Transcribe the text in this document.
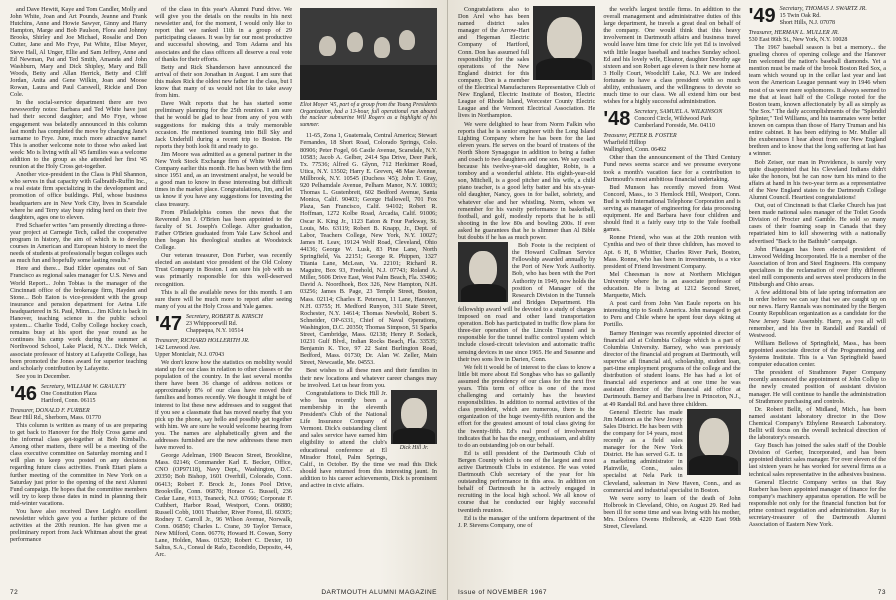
and Dave Hewitt, Kaye and Tom Candler, Molly and John White, Joan and Art Pounds, Jeanne and Frank Hutchins, Anne and Howie Sawyer, Ginny and Harry Hampton, Marge and Bob Paulson, Flora and Johnny Brooks, Shirley and Joe Michael, Rosalie and Don Cutter, Jane and Mo Frye, Pat White, Elise Meyer, Steve Hall, Al Unger, Ellie and Sam Jeffrey, Anne and Ed Newman, Pat and Ted Smith, Amanda and John Washburn, Mary and Dick Shipley, Mary and Bill Woods, Betty and Allan Herrick, Betty and Cliff Jordan, Anita and Gene Wilkin, Joan and Moose Rowan, Laura and Paul Carswell, Rickie and Don Cole.

In the social-service department there are two newsworthy notes: Barbara and Ted White have just had their second daughter; and Mo Frye, whose engagement was belatedly announced in this column last month has completed the move by changing Jane's surname to Frye. June, much more attractive name! This is another welcome note to those who asked last week: Mo is living with all '45 families was a welcome addition to the group as she attended her first '45 reunion at the Holy Cross get-together.

Another vice-president in the Class is Phil Shannon, who serves in that capacity with Galbraith-Ruffin Inc., a real estate firm specializing in the development and promotion of office buildings. Phil, whose business headquarters are in New York City, lives in Scarsdale where he and Terry stay busy riding herd on their five daughters, ages one to eleven.

Fred Schaefer writes "am presently directing a three-year project at Carnegie Tech, called the cooperative program in history, the aim of which is to develop courses in American and European history to meet the needs of students at professionally begun colleges such as much fun and hopefully some lasting results."

Here and there... Bud Elder operates out of San Francisco as regional sales manager for U.S. News and World Report... John Tobias is the manager of the Cincinnati office of the brokerage firm, Hayden and Stone... Bob Eaton is vice-president with the group insurance and pension department for Aetna Life headquartered in St. Paul, Minn.... Jim Klotz is back in Hanover, teaching science in the public school system... Charlie Todd, Colby College hockey coach, remains busy at his sport the year round as he continues his camp work during the summer at Northwood School, Lake Placid, N.Y... Dick Welch, associate professor of history at Lafayette College, has been promoted the Jones award for superior teaching and scholarly contribution by Lafayette.

See you in December.

'46 Secretary, WILLIAM W. GRAULTY
One Constitution Plaza
Hartford, Conn. 06115
Treasurer, DONALD F. FURBER
Bear Hill Rd., Sherborn, Mass. 01770

This column is written as many of us are preparing to get back to Hanover for the Holy Cross game and the informal class get-together at Bob Kimball's. Among other matters, there will be a meeting of the class executive committee on Saturday morning and I will plan to keep you posted on any decisions regarding future class activities. Frank Ettari plans a further meeting of the committee in New York on a Saturday just prior to the opening of the next Alumni Fund campaign. He hopes that the committee members will try to keep those dates in mind in planning their mid-winter vacations.

You have also received Dave Leigh's excellent newsletter which gave you a further picture of the activities at the 20th reunion. He has given me a preliminary report from Jack Whitman about the great performance

of the class in this year's Alumni Fund drive. We will give you the details on the results in his next newsletter and, for the moment, I would only like to report that we ranked 11th in a group of 29 participating classes. It was by far our most productive and successful showing, and Tom Adams and his associates and the class officers all deserve a real vote of thanks for their efforts.

Betty and Rick Shanderson have announced the arrival of their son Jonathan in August. I am sure that this makes Rick the oldest new father in the class, but I know that many of us would not like to take away from him.

Dave Walt reports that he has started some preliminary planning for the 25th reunion. I am sure that he would be glad to hear from any of you with suggestions for making this a truly memorable occasion. He mentioned teaming into Bill Sky and Jack Underhill during a recent trip to Boston. He reports they both look fit and ready to go.

Jim Moore was admitted as a general partner in the New York Stock Exchange firm of White Weld and Company earlier this month. He has been with the firm since 1951 and, as an investment analyst, he would be a good man to know in these interesting but difficult times in the market place. Congratulations, Jim, and let us know if you have any suggestions for investing the class treasury.

From Philadelphia comes the news that the Reverend Jon J. O'Brien has been appointed to the faculty of St. Joseph's College. After graduation, Father O'Brien graduated from Yale Law School and then began his theological studies at Woodstock College.

Our veteran treasurer, Don Furber, was recently elected an assistant vice president of the Old Colony Trust Company in Boston. I am sure his job with us was primarily responsible for this well-deserved recognition.

This is all the available news for this month. I am sure there will be much more to report after seeing many of you at the Holy Cross and Yale games.

'47 Secretary, ROBERT B. KIRSCH
23 Whippoorwill Rd.
Chappaqua, N.Y. 10514
Treasurer, RICHARD HOLLERITH JR.
142 Lenwood Ave.
Upper Montclair, N.J. 07043

We don't know how the statistics on mobility would stand up for our class in relation to other classes or the population of the country. In the last several months there have been 36 change of address notices or approximately 8% of our class have moved their families and homes recently. We thought it might be of interest to list these new addresses and to suggest that if you see a classmate that has moved nearby that you pick up the phone, say hello and possibly get together with him. We are sure he would welcome hearing from you. The names are alphabetically given and the addresses furnished are the new addresses these men have moved to.

George Adelman, 1900 Beacon Street, Brookline, Mass. 02146; Commander Karl E. Becker, Office, CNO (OP97118), Navy Dept., Washington, D.C. 20350; Bob Bishop, 1601 Overhill, Colorado, Conn. 06413; Robert F. Brock Jr., Jones Pool Drive, Brookville, Conn. 06870; Horace G. Bussell, 236 Cedar Lane, #113, Teaneck, N.J. 07666; Corporate F. Cuthbert, Harbor Road, Westport, Conn. 06880; Russell Cobb, 1001 Thatcher, River Forest, Ill. 60305; Rodney T. Carroll Jr., 96 Wilson Avenue, Norwalk, Conn. 06850; Charles L. Crane, 39 Taylor Terrace, New Milford, Conn. 06776; Howard H. Cowan, Sorry Lane, Holden, Mass. 01520; Robert C. Dexter, 10 Saltus, S.A., Consul de Rafo, Escondido, Deposito, 44, Arc.

Eliot Moyer '45, part of a group from the Young Presidents Organization, had a 13-hour, full operational run aboard the nuclear submarine Will Rogers as a highlight of his summer.

11-65, Zona 1, Guatemala, Central America; Stewart Fernandes, 18 Short Road, Colorado Springs, Colo. 80906; Peter Fogel, 66 Castle Avenue, Scarsdale, N.Y. 10583; Jacob A. Gelber, 2414 Spa Drive, Deer Park, Tx. 77536; Alfred G. Glynn, 712 Herkimer Road, Utica, N.Y. 13502; Harry E. Greven, 48 Mae Avenue, Millbrook, N.Y. 10545 (Duchess '45); John T. Gray, 920 Pelhamdale Avenue, Pelham Manor, N.Y. 10803; Thomas L. Gustenbreit, 602 Bedford Avenue, Santa Monica, Calif. 90403; George Hallowell, 701 Fox Plaza, San Francisco, Calif. 94102; Robert R. Hoffman, 1272 Kolbe Road, Arcadia, Calif. 91006; Oscar K. King Jr., 1123 Eaton & Four Parkway, St. Louis, Mo. 63119; Robert B. Knapp, Jr., Dept. of Labor, Teachers College, New York, N.Y. 10027; James H. Leav, 19124 Wolf Road, Cleveland, Ohio 44136; George W. Lusk, 83 Pine Lane, North Springfield, Va. 22151; George R. Phippen, 1327 Titania Lane, McLean, Va. 22101; Richard R. Maguire, Box 93, Freehold, N.J. 07743; Roland A. Miller, 5606 Drive East, West Palm Beach, Fla. 33406; David A. Noordhoek, Box 326, New Hampton, N.H. 03256; James B. Page, 23 Temple Street, Boston, Mass. 02114; Charles E. Peterson, 11 Lane, Hanover, N.H. 03755; H. Medford Runyon, 311 State Street, Rochester, N.Y. 14614; Thomas Newbold, Robert S. Schneider, OP-6331, Chief of Naval Operations, Washington, D.C. 20350; Thomas Simpson, 51 Sparks Street, Cambridge, Mass. 02138; Henry P. Sodack, 10231 Gulf Blvd., Indian Rocks Beach, Fla. 33535; Benjamin K. Tice, 97 22 Saint Burlington Road, Bedford, Mass. 01730; Dr. Alan W. Zeller, Main Street, Newcastle, Me. 04553.

Best wishes to all these men and their families in their new locations and whatever career changes may be involved. Let us hear from you.

Dick Hill Jr.

Congratulations to Dick Hill Jr. who has recently been a membership in the eleventh President's Club of the National Life Insurance Company of Vermont. Dick's outstanding client and sales service have earned him eligibility to attend the club's educational conference at El Mirador Hotel, Palm Springs, Calif., in October. By the time we read this Dick should have returned from this interesting jaunt. In addition to his career achievements, Dick is prominent and active in civic affairs.

72	DARTMOUTH ALUMNI MAGAZINE

Congratulations also to Don Arel who has been named district sales manager of the Arrow-Hart and Hegeman Electric Company of Hartford, Conn. Don has assumed full responsibility for the sales operations of the New England district for this company. Don is a member of the Electrical Manufacturers Representative Club of New England, Electric Institute of Boston, Electric League of Rhode Island, Worcester County Electric League and the Vermont Electrical Association. He lives in Northampton.

We were delighted to hear from Norm Falkin who reports that he is senior engineer with the Long Island Lighting Company where he has been for the last eleven years. He serves on the board of trustees of the North Shore Synagogue in addition to being a father and coach to two daughters and one son. We say coach because his twelve-year-old daughter, Robin, is a tomboy and a wonderful athlete. His eighth-year-old son, Mitchell, is a good pitcher and his wife, a child piano teacher, is a good lefty batter and his six-year-old daughter, Nancy, goes in for ballet, sobriety, and whatever else and her whistling. Norm, whom we remember for his varsity performance in basketball, football, and golf, modestly reports that he is still shooting in the low 80s and bowling 200s. If ever asked he guarantees that he is slimmer than Al Bible but doubts if he has as much power.

Bob Foote is the recipient of the Howard Cullman Service Fellowship awarded annually by the Port of New York Authority. Bob, who has been with the Port Authority in 1949, now holds the position of Manager of the Research Division in the Tunnels and Bridges Department. His fellowship award will be devoted to a study of charges imposed on road and other land transportation operation. Bob has participated in traffic flow plans for three-tier operation of the Lincoln Tunnel and is responsible for the tunnel traffic control system which include closed-circuit television and automatic traffic sensing devices in use since 1965. He and Susanne and their two sons live in Darien, Conn.

We felt it would be of interest to the class to know a little bit more about Ed Songbas who has so gallantly assumed the presidency of our class for the next five years. This term of office is one of the most challenging and certainly has the heaviest responsibilities. In addition to normal activities of the class president, which are numerous, there is the organization of the huge twenty-fifth reunion and the effort for the greatest amount of total class giving for the twenty-fifth. Ed's real proof of involvement indicates that he has the energy, enthusiasm, and ability to do an outstanding job on our behalf.

Ed is still president of the Dartmouth Club of Bergen County which is one of the largest and most active Dartmouth Clubs in existence. He was voted Dartmouth Club secretary of the year for his outstanding performance in this area. In addition on behalf of Dartmouth he is actively engaged in recruiting in the local high school. We all know of course that he conducted our highly successful twentieth reunion.

Ed is the manager of the uniform department of the J. P. Stevens Company, one of

the world's largest textile firms. In addition to the overall management and administrative duties of this large department, he travels a great deal on behalf of the company. One would think that this heavy involvement in Dartmouth affairs and business travel would leave him time for civic life yet Ed is involved with little league baseball and teaches Sunday school. Ed and his lovely wife, Eleanor, daughter Dorothy age sixteen and son Robert age eleven is their new home at 3 Holly Court, Woodcliff Lake, N.J. We are indeed fortunate to have a class president with so much ability, enthusiasm, and the willingness to devote so much time to our class. We all extend him our best wishes for a highly successful administration.

'48 Secretary, SAMUEL A. WILKINSON
Concord Circle, Wildwood Park
Cumberland Foreside, Me. 04110
Treasurer, PETER B. FOSTER
Wharfield Hilltop
Wallingford, Conn. 06492

Other than the announcement of the Third Century Fund news seems scarce and we presume everyone took a month's vacation face for a contribution to Dartmouth's most ambitious financial undertaking.

Bud Munson has recently moved from West Concord, Mass., to 3 Hemlock Hill, Westport, Conn. Bud is with International Telephone Corporation and is serving as manager of engineering for data processing equipment. He and Barbara have four children and should find it a fairly easy trip to the Yale football games.

Ronne Friend, who was at the 20th reunion with Cynthia and two of their three children, has moved to Apt. 6 H, 8 Whittier, Charles River Park, Boston, Mass. Ronne, who has been in investments, is a vice president of Friend Investment Company.

Mel Cheesman is now at Northern Michigan University where he is an associate professor of education. He is living at 1212 Second Street, Marquette, Mich.

A post card from John Van Eaule reports on his interesting trip to South America. John managed to get to Peru and Chile where he spent four days skiing at Portillo.

Barney Heninger was recently appointed director of financial aid at Columbia College which is a part of Columbia University. Barney, who was previously director of the financial aid program at Dartmouth, will supervise all financial aid, scholarship, student loan, part-time employment programs of the college and the distribution of student loans. He has had a lot of financial aid experience and at one time he was assistant director of the financial aid office at Dartmouth. Barney and Barbara live in Princeton, N.J., at 49 Randall Rd. and have three children.

General Electric has made Jim Mattoon as the New Jersey Sales District. He has been with the company for 14 years, most recently as a field sales manager for the New York District. He has served G.E. in a marketing administrator in Plainville, Conn., sales specialist at Nela Park in Cleveland, salesman in New Haven, Conn., and as commercial and industrial specialist in Boston.

We were sorry to learn of the death of John Holbrook in Cleveland, Ohio, on August 29. Red had been ill for some time and was living with his mother, Mrs. Dolores Owens Holbrook, at 4220 East 99th Street, Cleveland.

'49 Secretary, THOMAS J. SWARTZ JR.
15 Twin Oak Rd.
Short Hills, N.J. 07078
Treasurer, HERMAN L. MULLER JR.
530 East 86th St., New York, N.Y. 10028

The 1967 baseball season is but a memory... the grueling chores of opening college and the Hanover Inn welcomed the nation's baseball diamonds. Yet a mention must be made of the brook Boston Red Sox, a team which wound up in the cellar last year and last won the American League pennant way in 1946 when most of us were mere sophomores. It always seemed to me that at least half of the College rooted for the Boston team, known affectionately by all as simply as "the Sox." The daily accomplishments of the "Splendid Splinter," Ted Williams, and his teammates were better known on campus than those of Harry Truman and his entire cabinet. It has been edifying to Mr. Muller all the exuberances I hear about from our New England brethren and to know that the long suffering at last has a winner.

Bob Zeiser, our man in Providence, is surely very quite disappointed that his Cleveland Indians didn't take the honors, but he can now turn his mind to the affairs at hand in his two-year term as a representative of the New England states to the Dartmouth College Alumni Council. Heartiest congratulations!

Out, out of Cincinnati is that Clarke Church has just been made national sales manager of the Toilet Goods Division of Procter and Gamble. He sold so many cases of their foaming soap in Canada that they repatriated him to kill showering with a nationally advertised "Back to the Bathtub" campaign.

John Flanagan has been elected president of Linwood Welding Incorporated. He is a member of the Association of Iron and Steel Engineers. His company specializes in the reclamation of over fifty different steel mill components and serves steel producers in the Pittsburgh and Ohio areas.

A few additional bits of late spring information are in order before we can say that we are caught up on our news. Harry Rannals was nominated by the Bergen County Republican organization as a candidate for the New Jersey State Assembly. Harry, as you all will remember, and his five in Randall and Randall of Westwood.

William Bellows of Springfield, Mass., has been appointed associate director of the Programming and Systems Institute. This is a Van Springfield based computer education center.

The president of Strathmore Paper Company recently announced the appointment of John Collop to the newly created position of assistant division manager. He will continue to handle the administration of Strathmore purchasing and controls.

Dr. Robert Bellit, of Midland, Mich., has been named assistant laboratory director in the Dow Chemical Company's Ethylene Research Laboratory. Bellit will focus on the overall technical direction of the laboratory's research.

Guy Busch has joined the sales staff of the Double Division of Gerber, Incorporated, and has been appointed district sales manager. For over eleven of the last sixteen years he has worked for several firms as a technical sales representative in the adhesives business.

General Electric Company writes us that Ray Rueberr has been appointed manager of finance for the company's machinery apparatus operation. He will be responsible not only for the financial function but for prime contract negotiation and administration. Ray is secretary-treasurer of the Dartmouth Alumni Association of Eastern New York.

Issue of NOVEMBER 1967	73
